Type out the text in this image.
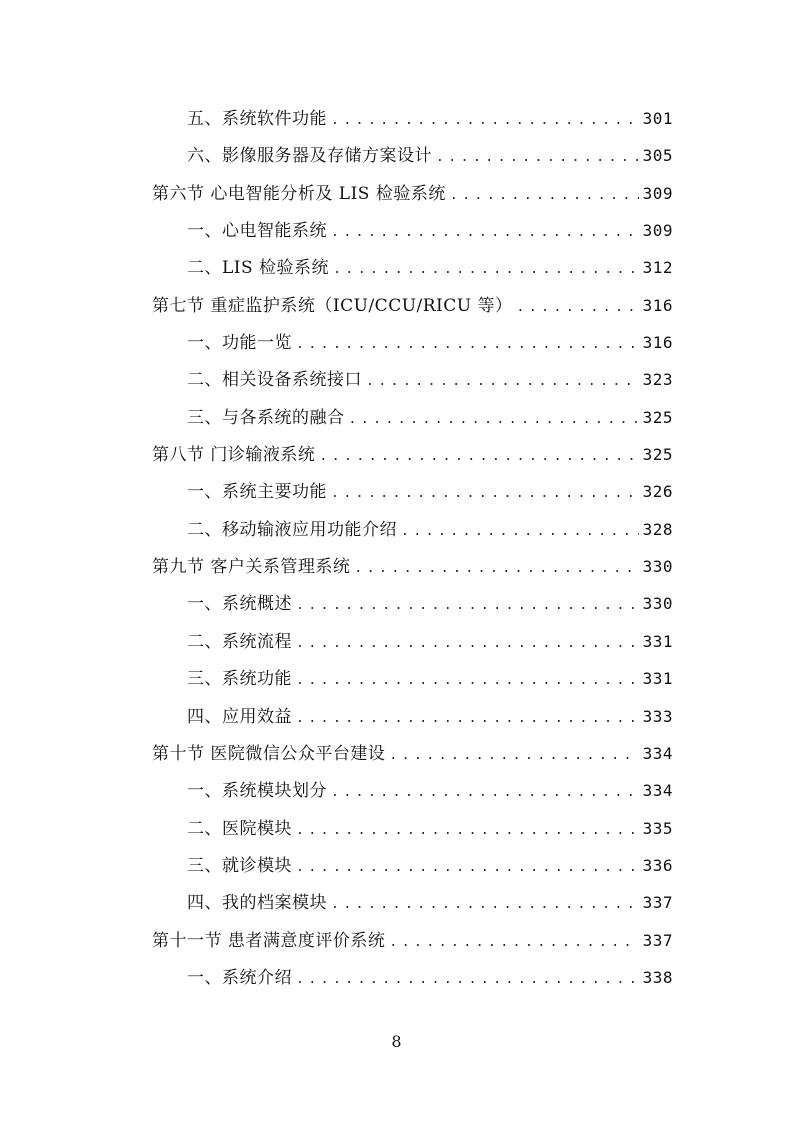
五、系统软件功能 .....	301
六、影像服务器及存储方案设计 .....	305
第六节 心电智能分析及 LIS 检验系统 .....	309
一、心电智能系统 .....	309
二、LIS 检验系统 .....	312
第七节 重症监护系统（ICU/CCU/RICU 等） .....	316
一、功能一览 .....	316
二、相关设备系统接口 .....	323
三、与各系统的融合 .....	325
第八节 门诊输液系统 .....	325
一、系统主要功能 .....	326
二、移动输液应用功能介绍 .....	328
第九节 客户关系管理系统 .....	330
一、系统概述 .....	330
二、系统流程 .....	331
三、系统功能 .....	331
四、应用效益 .....	333
第十节 医院微信公众平台建设 .....	334
一、系统模块划分 .....	334
二、医院模块 .....	335
三、就诊模块 .....	336
四、我的档案模块 .....	337
第十一节 患者满意度评价系统 .....	337
一、系统介绍 .....	338
8
